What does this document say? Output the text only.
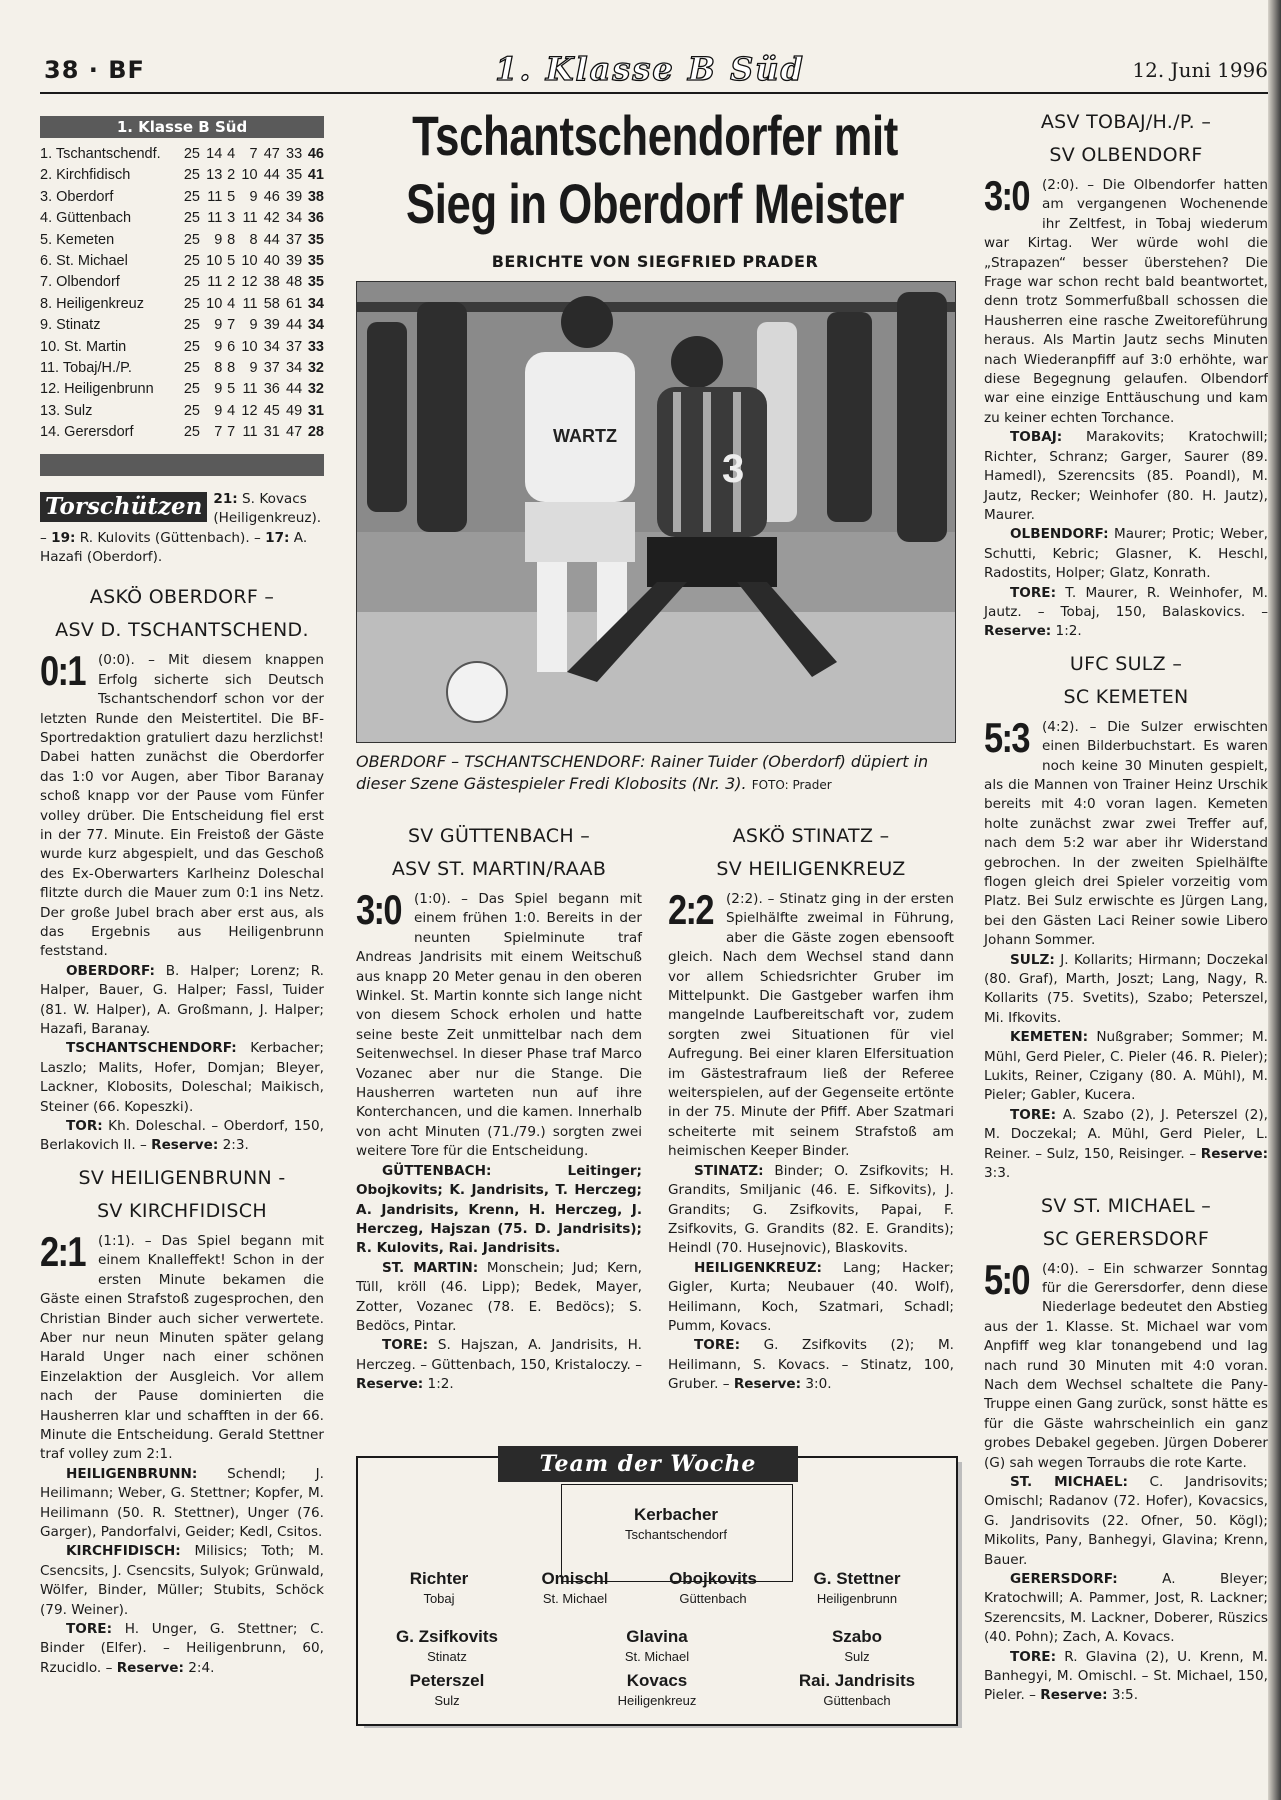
38 · BF	1. Klasse B Süd	12. Juni 1996
1. Klasse B Süd
1. Tschantschendf.	25	14	4	7	47	33	46
2. Kirchfidisch	25	13	2	10	44	35	41
3. Oberdorf	25	11	5	9	46	39	38
4. Güttenbach	25	11	3	11	42	34	36
5. Kemeten	25	9	8	8	44	37	35
6. St. Michael	25	10	5	10	40	39	35
7. Olbendorf	25	11	2	12	38	48	35
8. Heiligenkreuz	25	10	4	11	58	61	34
9. Stinatz	25	9	7	9	39	44	34
10. St. Martin	25	9	6	10	34	37	33
11. Tobaj/H./P.	25	8	8	9	37	34	32
12. Heiligenbrunn	25	9	5	11	36	44	32
13. Sulz	25	9	4	12	45	49	31
14. Gerersdorf	25	7	7	11	31	47	28
Torschützen 21: S. Kovacs (Heiligenkreuz). – 19: R. Kulovits (Güttenbach). – 17: A. Hazafi (Oberdorf).

ASKÖ OBERDORF –
ASV D. TSCHANTSCHEND.

0:1 (0:0). – Mit diesem knappen Erfolg sicherte sich Deutsch Tschantschendorf schon vor der letzten Runde den Meistertitel. Die BF-Sportredaktion gratuliert dazu herzlichst! Dabei hatten zunächst die Oberdorfer das 1:0 vor Augen, aber Tibor Baranay schoß knapp vor der Pause vom Fünfer volley drüber. Die Entscheidung fiel erst in der 77. Minute. Ein Freistoß der Gäste wurde kurz abgespielt, und das Geschoß des Ex-Oberwarters Karlheinz Doleschal flitzte durch die Mauer zum 0:1 ins Netz. Der große Jubel brach aber erst aus, als das Ergebnis aus Heiligenbrunn feststand.

OBERDORF: B. Halper; Lorenz; R. Halper, Bauer, G. Halper; Fassl, Tuider (81. W. Halper), A. Großmann, J. Halper; Hazafi, Baranay.

TSCHANTSCHENDORF: Kerbacher; Laszlo; Malits, Hofer, Domjan; Bleyer, Lackner, Klobosits, Doleschal; Maikisch, Steiner (66. Kopeszki).

TOR: Kh. Doleschal. – Oberdorf, 150, Berlakovich II. – Reserve: 2:3.

SV HEILIGENBRUNN -
SV KIRCHFIDISCH

2:1 (1:1). – Das Spiel begann mit einem Knalleffekt! Schon in der ersten Minute bekamen die Gäste einen Strafstoß zugesprochen, den Christian Binder auch sicher verwertete. Aber nur neun Minuten später gelang Harald Unger nach einer schönen Einzelaktion der Ausgleich. Vor allem nach der Pause dominierten die Hausherren klar und schafften in der 66. Minute die Entscheidung. Gerald Stettner traf volley zum 2:1.

HEILIGENBRUNN: Schendl; J. Heilimann; Weber, G. Stettner; Kopfer, M. Heilimann (50. R. Stettner), Unger (76. Garger), Pandorfalvi, Geider; Kedl, Csitos.

KIRCHFIDISCH: Milisics; Toth; M. Csencsits, J. Csencsits, Sulyok; Grünwald, Wölfer, Binder, Müller; Stubits, Schöck (79. Weiner).

TORE: H. Unger, G. Stettner; C. Binder (Elfer). – Heiligenbrunn, 60, Rzucidlo. – Reserve: 2:4.

Tschantschendorfer mit
Sieg in Oberdorf Meister
BERICHTE VON SIEGFRIED PRADER
WARTZ
3
OBERDORF – TSCHANTSCHENDORF: Rainer Tuider (Oberdorf) düpiert in dieser Szene Gästespieler Fredi Klobosits (Nr. 3). FOTO: Prader
SV GÜTTENBACH –
ASV ST. MARTIN/RAAB

3:0 (1:0). – Das Spiel begann mit einem frühen 1:0. Bereits in der neunten Spielminute traf Andreas Jandrisits mit einem Weitschuß aus knapp 20 Meter genau in den oberen Winkel. St. Martin konnte sich lange nicht von diesem Schock erholen und hatte seine beste Zeit unmittelbar nach dem Seitenwechsel. In dieser Phase traf Marco Vozanec aber nur die Stange. Die Hausherren warteten nun auf ihre Konterchancen, und die kamen. Innerhalb von acht Minuten (71./79.) sorgten zwei weitere Tore für die Entscheidung.

GÜTTENBACH: Leitinger; Obojkovits; K. Jandrisits, T. Herczeg; A. Jandrisits, Krenn, H. Herczeg, J. Herczeg, Hajszan (75. D. Jandrisits); R. Kulovits, Rai. Jandrisits.

ST. MARTIN: Monschein; Jud; Kern, Tüll, kröll (46. Lipp); Bedek, Mayer, Zotter, Vozanec (78. E. Bedöcs); S. Bedöcs, Pintar.

TORE: S. Hajszan, A. Jandrisits, H. Herczeg. – Güttenbach, 150, Kristaloczy. – Reserve: 1:2.

ASKÖ STINATZ –
SV HEILIGENKREUZ

2:2 (2:2). – Stinatz ging in der ersten Spielhälfte zweimal in Führung, aber die Gäste zogen ebensooft gleich. Nach dem Wechsel stand dann vor allem Schiedsrichter Gruber im Mittelpunkt. Die Gastgeber warfen ihm mangelnde Laufbereitschaft vor, zudem sorgten zwei Situationen für viel Aufregung. Bei einer klaren Elfersituation im Gästestrafraum ließ der Referee weiterspielen, auf der Gegenseite ertönte in der 75. Minute der Pfiff. Aber Szatmari scheiterte mit seinem Strafstoß am heimischen Keeper Binder.

STINATZ: Binder; O. Zsifkovits; H. Grandits, Smiljanic (46. E. Sifkovits), J. Grandits; G. Zsifkovits, Papai, F. Zsifkovits, G. Grandits (82. E. Grandits); Heindl (70. Husejnovic), Blaskovits.

HEILIGENKREUZ: Lang; Hacker; Gigler, Kurta; Neubauer (40. Wolf), Heilimann, Koch, Szatmari, Schadl; Pumm, Kovacs.

TORE: G. Zsifkovits (2); M. Heilimann, S. Kovacs. – Stinatz, 100, Gruber. – Reserve: 3:0.

ASV TOBAJ/H./P. –
SV OLBENDORF

3:0 (2:0). – Die Olbendorfer hatten am vergangenen Wochenende ihr Zeltfest, in Tobaj wiederum war Kirtag. Wer würde wohl die „Strapazen“ besser überstehen? Die Frage war schon recht bald beantwortet, denn trotz Sommerfußball schossen die Hausherren eine rasche Zweitoreführung heraus. Als Martin Jautz sechs Minuten nach Wiederanpfiff auf 3:0 erhöhte, war diese Begegnung gelaufen. Olbendorf war eine einzige Enttäuschung und kam zu keiner echten Torchance.

TOBAJ: Marakovits; Kratochwill; Richter, Schranz; Garger, Saurer (89. Hamedl), Szerencsits (85. Poandl), M. Jautz, Recker; Weinhofer (80. H. Jautz), Maurer.

OLBENDORF: Maurer; Protic; Weber, Schutti, Kebric; Glasner, K. Heschl, Radostits, Holper; Glatz, Konrath.

TORE: T. Maurer, R. Weinhofer, M. Jautz. – Tobaj, 150, Balaskovics. – Reserve: 1:2.

UFC SULZ –
SC KEMETEN

5:3 (4:2). – Die Sulzer erwischten einen Bilderbuchstart. Es waren noch keine 30 Minuten gespielt, als die Mannen von Trainer Heinz Urschik bereits mit 4:0 voran lagen. Kemeten holte zunächst zwar zwei Treffer auf, nach dem 5:2 war aber ihr Widerstand gebrochen. In der zweiten Spielhälfte flogen gleich drei Spieler vorzeitig vom Platz. Bei Sulz erwischte es Jürgen Lang, bei den Gästen Laci Reiner sowie Libero Johann Sommer.

SULZ: J. Kollarits; Hirmann; Doczekal (80. Graf), Marth, Joszt; Lang, Nagy, R. Kollarits (75. Svetits), Szabo; Peterszel, Mi. Ifkovits.

KEMETEN: Nußgraber; Sommer; M. Mühl, Gerd Pieler, C. Pieler (46. R. Pieler); Lukits, Reiner, Czigany (80. A. Mühl), M. Pieler; Gabler, Kucera.

TORE: A. Szabo (2), J. Peterszel (2), M. Doczekal; A. Mühl, Gerd Pieler, L. Reiner. – Sulz, 150, Reisinger. – Reserve: 3:3.

SV ST. MICHAEL –
SC GERERSDORF

5:0 (4:0). – Ein schwarzer Sonntag für die Gerersdorfer, denn diese Niederlage bedeutet den Abstieg aus der 1. Klasse. St. Michael war vom Anpfiff weg klar tonangebend und lag nach rund 30 Minuten mit 4:0 voran. Nach dem Wechsel schaltete die Pany-Truppe einen Gang zurück, sonst hätte es für die Gäste wahrscheinlich ein ganz grobes Debakel gegeben. Jürgen Doberer (G) sah wegen Torraubs die rote Karte.

ST. MICHAEL: C. Jandrisovits; Omischl; Radanov (72. Hofer), Kovacsics, G. Jandrisovits (22. Ofner, 50. Kögl); Mikolits, Pany, Banhegyi, Glavina; Krenn, Bauer.

GERERSDORF: A. Bleyer; Kratochwill; A. Pammer, Jost, R. Lackner; Szerencsits, M. Lackner, Doberer, Rüszics (40. Pohn); Zach, A. Kovacs.

TORE: R. Glavina (2), U. Krenn, M. Banhegyi, M. Omischl. – St. Michael, 150, Pieler. – Reserve: 3:5.

Team der Woche
Kerbacher
Tschantschendorf
Richter
Tobaj
Omischl
St. Michael
Obojkovits
Güttenbach
G. Stettner
Heiligenbrunn
G. Zsifkovits
Stinatz
Glavina
St. Michael
Szabo
Sulz
Peterszel
Sulz
Kovacs
Heiligenkreuz
Rai. Jandrisits
Güttenbach
